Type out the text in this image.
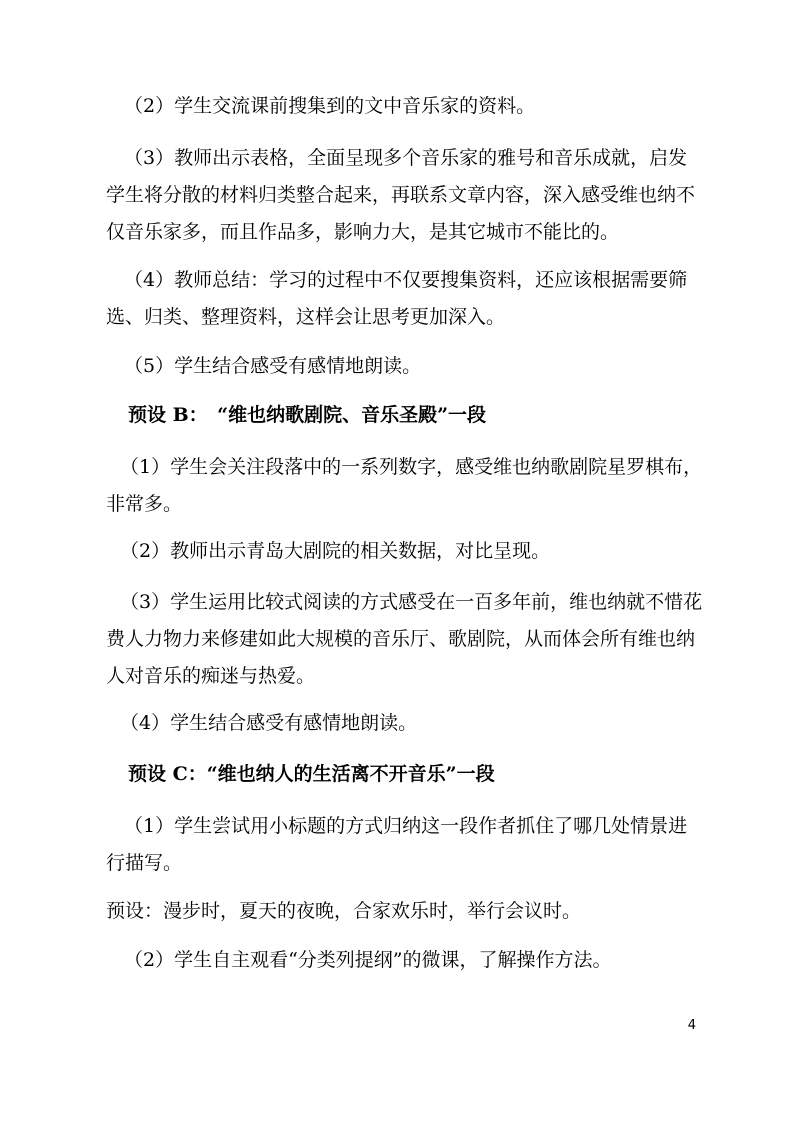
（2）学生交流课前搜集到的文中音乐家的资料。

（3）教师出示表格，全面呈现多个音乐家的雅号和音乐成就，启发
学生将分散的材料归类整合起来，再联系文章内容，深入感受维也纳不
仅音乐家多，而且作品多，影响力大，是其它城市不能比的。

（4）教师总结：学习的过程中不仅要搜集资料，还应该根据需要筛
选、归类、整理资料，这样会让思考更加深入。

（5）学生结合感受有感情地朗读。

预设 B：　“维也纳歌剧院、音乐圣殿”一段

（1）学生会关注段落中的一系列数字，感受维也纳歌剧院星罗棋布，
非常多。

（2）教师出示青岛大剧院的相关数据，对比呈现。

（3）学生运用比较式阅读的方式感受在一百多年前，维也纳就不惜花
费人力物力来修建如此大规模的音乐厅、歌剧院，从而体会所有维也纳
人对音乐的痴迷与热爱。

（4）学生结合感受有感情地朗读。

预设 C：“维也纳人的生活离不开音乐”一段

（1）学生尝试用小标题的方式归纳这一段作者抓住了哪几处情景进
行描写。

预设：漫步时，夏天的夜晚，合家欢乐时，举行会议时。

（2）学生自主观看“分类列提纲”的微课，了解操作方法。

4
